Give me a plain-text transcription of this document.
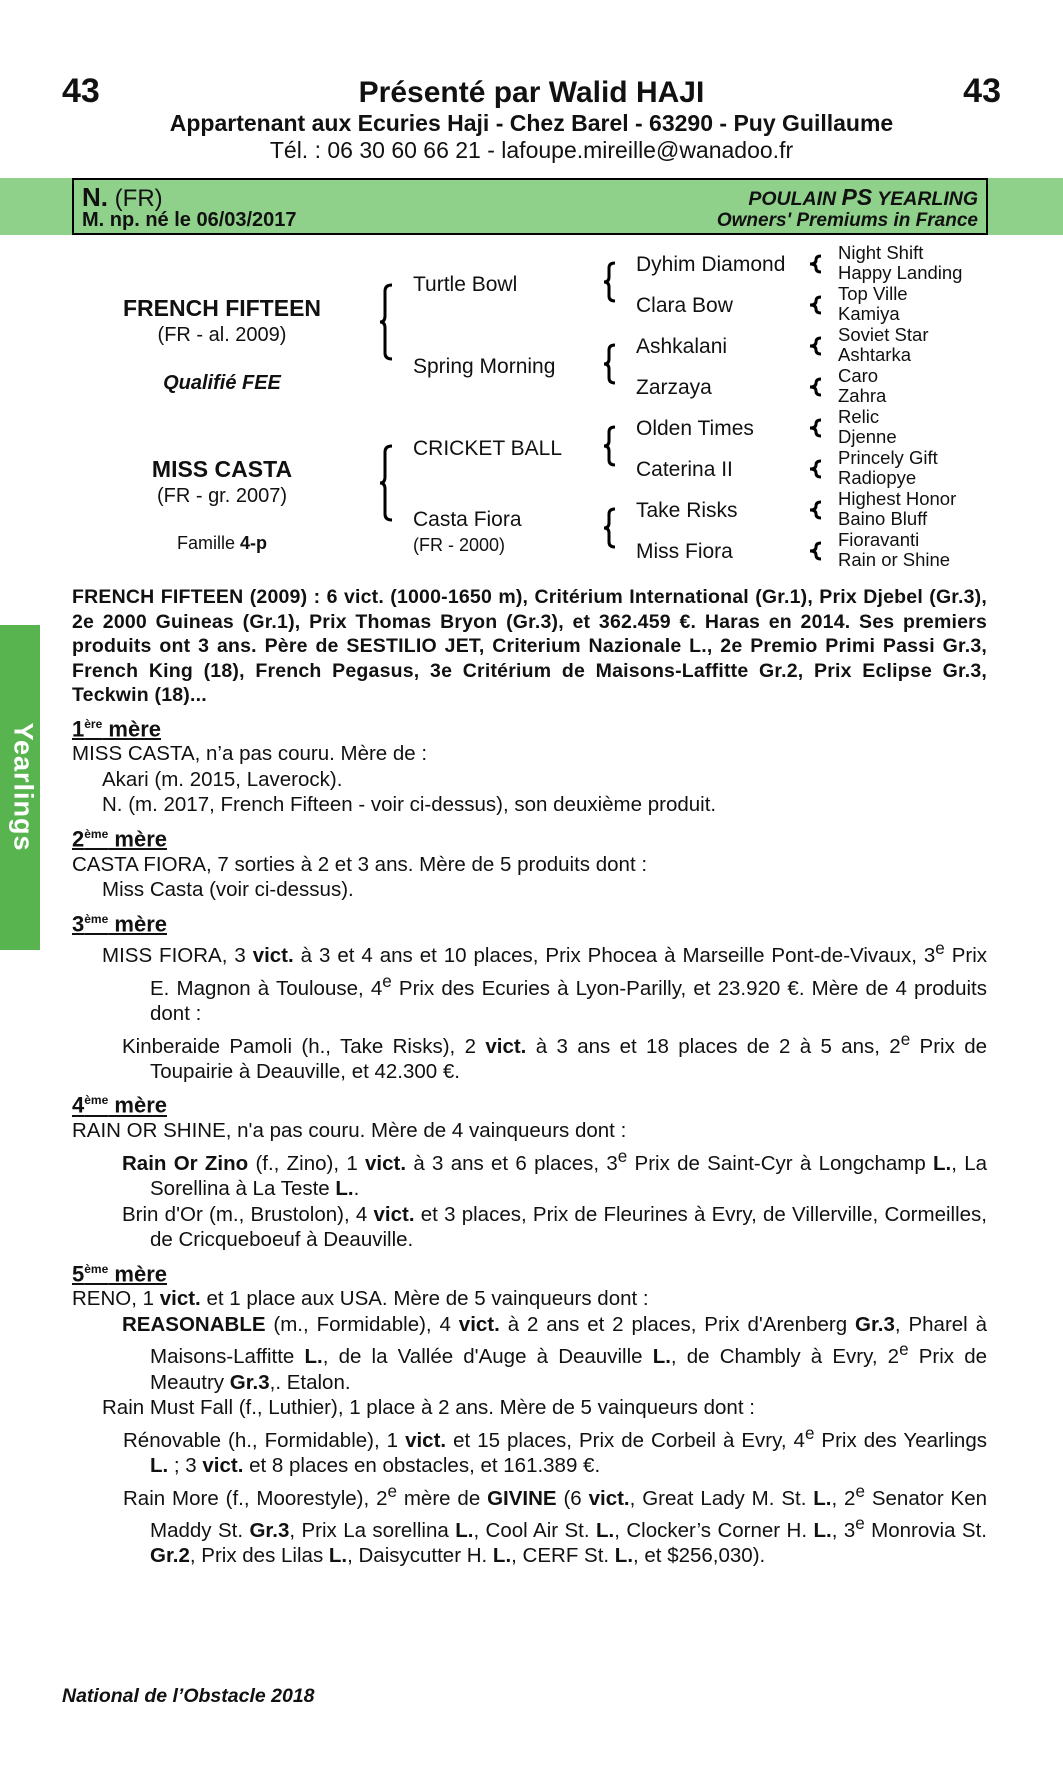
43	43
Présenté par Walid HAJI
Appartenant aux Ecuries Haji - Chez Barel - 63290 - Puy Guillaume
Tél. : 06 30 60 66 21 - lafoupe.mireille@wanadoo.fr
N. (FR)
M. np. né le 06/03/2017
POULAIN PS YEARLING
Owners' Premiums in France
Yearlings
FRENCH FIFTEEN
(FR - al. 2009)
Qualifié FEE
MISS CASTA
(FR - gr. 2007)
Famille 4-p
Turtle Bowl
Spring Morning
CRICKET BALL
Casta Fiora
(FR - 2000)
Dyhim Diamond
Clara Bow
Ashkalani
Zarzaya
Olden Times
Caterina II
Take Risks
Miss Fiora
Night Shift
Happy Landing
Top Ville
Kamiya
Soviet Star
Ashtarka
Caro
Zahra
Relic
Djenne
Princely Gift
Radiopye
Highest Honor
Baino Bluff
Fioravanti
Rain or Shine

FRENCH FIFTEEN (2009) : 6 vict. (1000-1650 m), Critérium International (Gr.1), Prix Djebel (Gr.3), 2e 2000 Guineas (Gr.1), Prix Thomas Bryon (Gr.3), et 362.459 €. Haras en 2014. Ses premiers produits ont 3 ans. Père de SESTILIO JET, Criterium Nazionale L., 2e Premio Primi Passi Gr.3, French King (18), French Pegasus, 3e Critérium de Maisons-Laffitte Gr.2, Prix Eclipse Gr.3, Teckwin (18)...

1ère mère

MISS CASTA, n’a pas couru. Mère de :

Akari (m. 2015, Laverock).

N. (m. 2017, French Fifteen - voir ci-dessus), son deuxième produit.

2ème mère

CASTA FIORA, 7 sorties à 2 et 3 ans. Mère de 5 produits dont :

Miss Casta (voir ci-dessus).

3ème mère

MISS FIORA, 3 vict. à 3 et 4 ans et 10 places, Prix Phocea à Marseille Pont-de-Vivaux, 3e Prix E. Magnon à Toulouse, 4e Prix des Ecuries à Lyon-Parilly, et 23.920 €. Mère de 4 produits dont :

Kinberaide Pamoli (h., Take Risks), 2 vict. à 3 ans et 18 places de 2 à 5 ans, 2e Prix de Toupairie à Deauville, et 42.300 €.

4ème mère

RAIN OR SHINE, n'a pas couru. Mère de 4 vainqueurs dont :

Rain Or Zino (f., Zino), 1 vict. à 3 ans et 6 places, 3e Prix de Saint-Cyr à Longchamp L., La Sorellina à La Teste L..

Brin d'Or (m., Brustolon), 4 vict. et 3 places, Prix de Fleurines à Evry, de Villerville, Cormeilles, de Cricqueboeuf à Deauville.

5ème mère

RENO, 1 vict. et 1 place aux USA. Mère de 5 vainqueurs dont :

REASONABLE (m., Formidable), 4 vict. à 2 ans et 2 places, Prix d'Arenberg Gr.3, Pharel à Maisons-Laffitte L., de la Vallée d'Auge à Deauville L., de Chambly à Evry, 2e Prix de Meautry Gr.3,. Etalon.

Rain Must Fall (f., Luthier), 1 place à 2 ans. Mère de 5 vainqueurs dont :

Rénovable (h., Formidable), 1 vict. et 15 places, Prix de Corbeil à Evry, 4e Prix des Yearlings L. ; 3 vict. et 8 places en obstacles, et 161.389 €.

Rain More (f., Moorestyle), 2e mère de GIVINE (6 vict., Great Lady M. St. L., 2e Senator Ken Maddy St. Gr.3, Prix La sorellina L., Cool Air St. L., Clocker’s Corner H. L., 3e Monrovia St. Gr.2, Prix des Lilas L., Daisycutter H. L., CERF St. L., et $256,030).

National de l’Obstacle 2018
